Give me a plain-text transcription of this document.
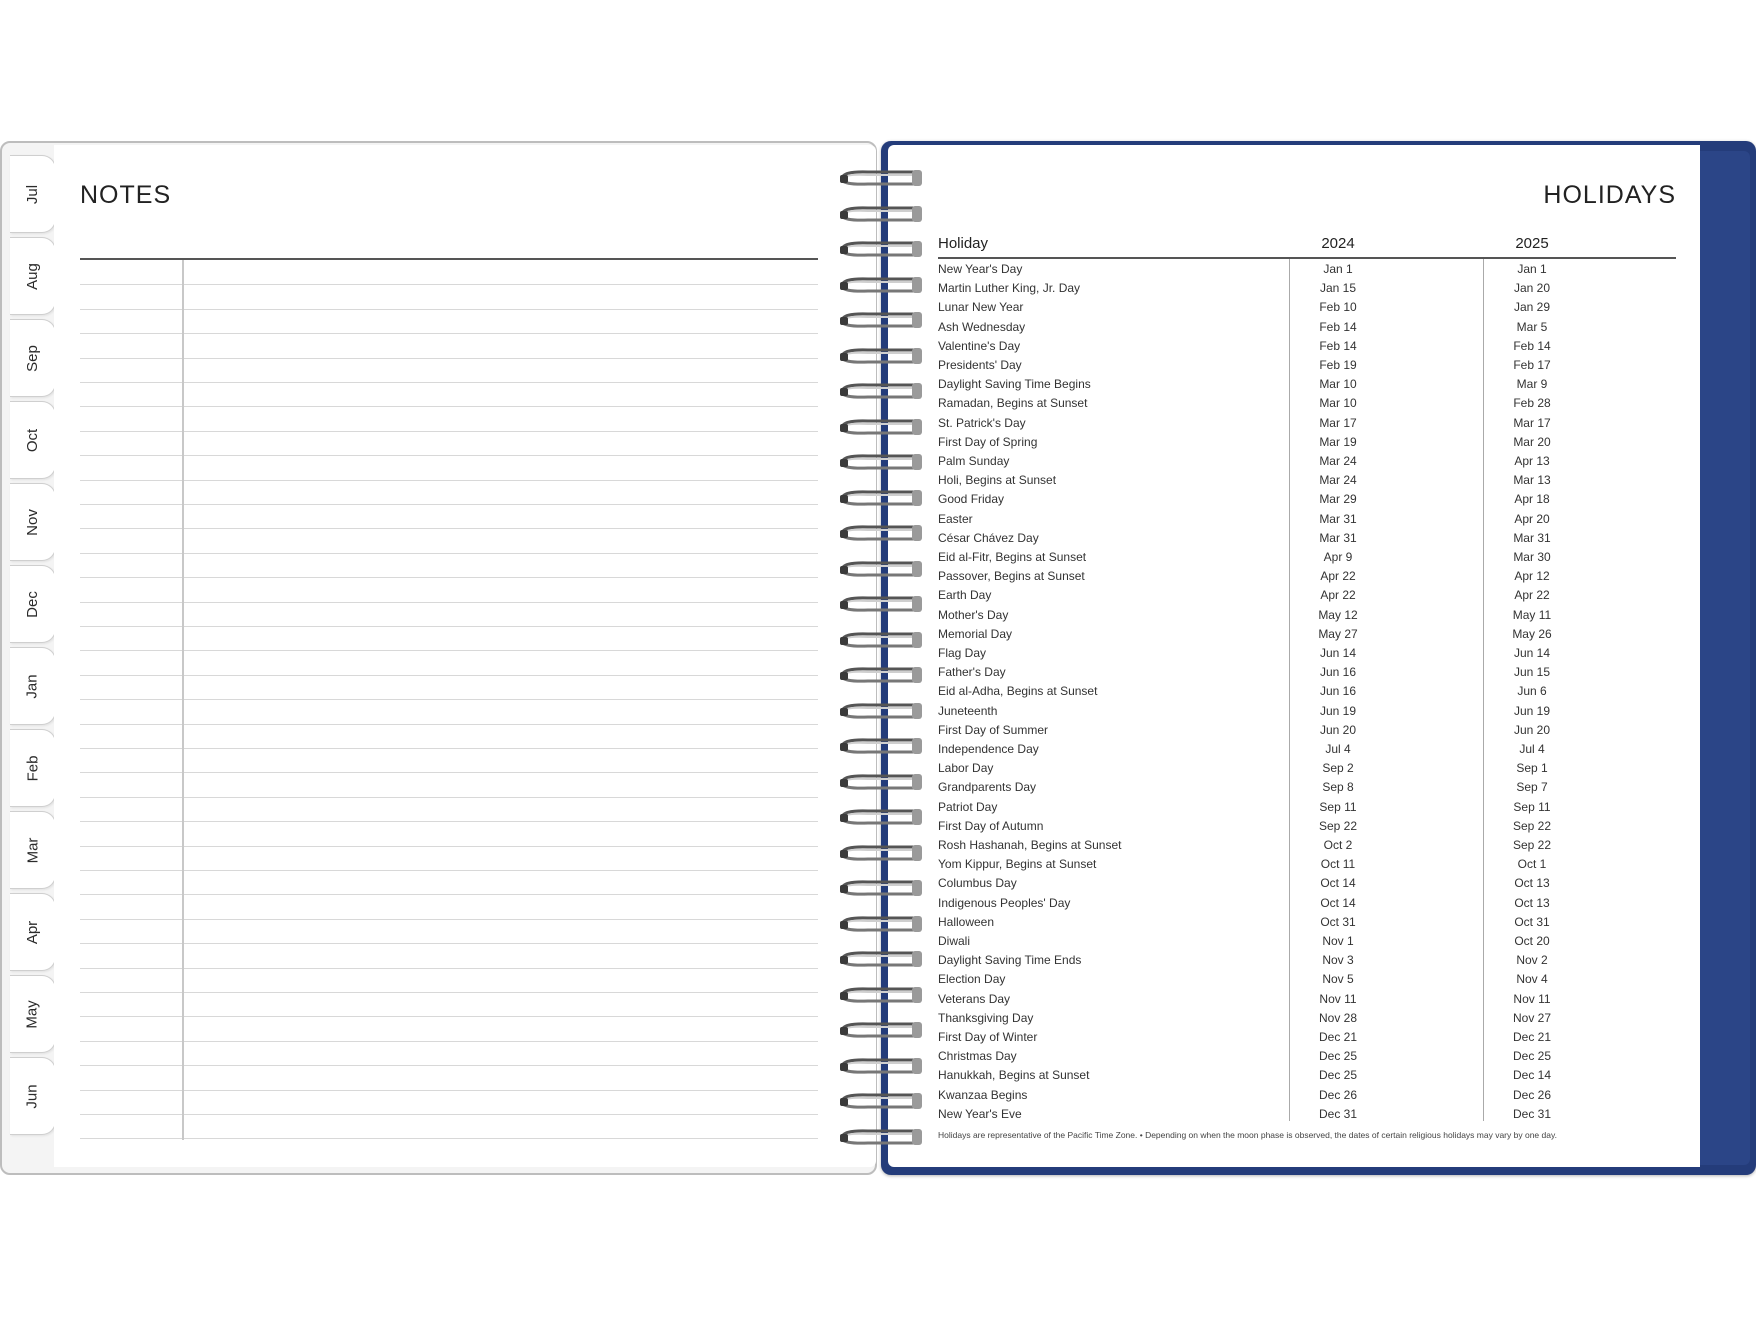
Jul
Aug
Sep
Oct
Nov
Dec
Jan
Feb
Mar
Apr
May
Jun
NOTES	HOLIDAYS
Holiday	2024	2025
New Year's Day	Jan 1	Jan 1
Martin Luther King, Jr. Day	Jan 15	Jan 20
Lunar New Year	Feb 10	Jan 29
Ash Wednesday	Feb 14	Mar 5
Valentine's Day	Feb 14	Feb 14
Presidents' Day	Feb 19	Feb 17
Daylight Saving Time Begins	Mar 10	Mar 9
Ramadan, Begins at Sunset	Mar 10	Feb 28
St. Patrick's Day	Mar 17	Mar 17
First Day of Spring	Mar 19	Mar 20
Palm Sunday	Mar 24	Apr 13
Holi, Begins at Sunset	Mar 24	Mar 13
Good Friday	Mar 29	Apr 18
Easter	Mar 31	Apr 20
César Chávez Day	Mar 31	Mar 31
Eid al-Fitr, Begins at Sunset	Apr 9	Mar 30
Passover, Begins at Sunset	Apr 22	Apr 12
Earth Day	Apr 22	Apr 22
Mother's Day	May 12	May 11
Memorial Day	May 27	May 26
Flag Day	Jun 14	Jun 14
Father's Day	Jun 16	Jun 15
Eid al-Adha, Begins at Sunset	Jun 16	Jun 6
Juneteenth	Jun 19	Jun 19
First Day of Summer	Jun 20	Jun 20
Independence Day	Jul 4	Jul 4
Labor Day	Sep 2	Sep 1
Grandparents Day	Sep 8	Sep 7
Patriot Day	Sep 11	Sep 11
First Day of Autumn	Sep 22	Sep 22
Rosh Hashanah, Begins at Sunset	Oct 2	Sep 22
Yom Kippur, Begins at Sunset	Oct 11	Oct 1
Columbus Day	Oct 14	Oct 13
Indigenous Peoples' Day	Oct 14	Oct 13
Halloween	Oct 31	Oct 31
Diwali	Nov 1	Oct 20
Daylight Saving Time Ends	Nov 3	Nov 2
Election Day	Nov 5	Nov 4
Veterans Day	Nov 11	Nov 11
Thanksgiving Day	Nov 28	Nov 27
First Day of Winter	Dec 21	Dec 21
Christmas Day	Dec 25	Dec 25
Hanukkah, Begins at Sunset	Dec 25	Dec 14
Kwanzaa Begins	Dec 26	Dec 26
New Year's Eve	Dec 31	Dec 31
Holidays are representative of the Pacific Time Zone. • Depending on when the moon phase is observed, the dates of certain religious holidays may vary by one day.
